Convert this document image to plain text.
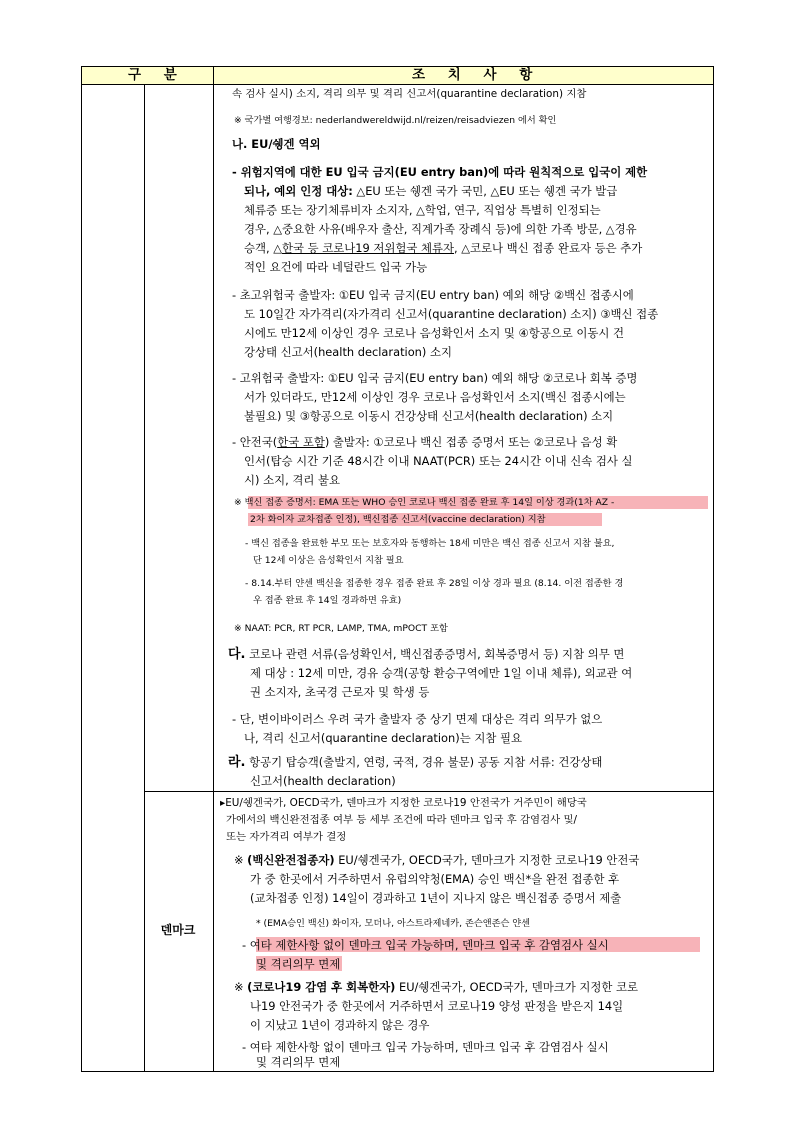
구 분	조 치 사 항
속 검사 실시) 소지, 격리 의무 및 격리 신고서(quarantine declaration) 지참
※ 국가별 여행경보: nederlandwereldwijd.nl/reizen/reisadviezen 에서 확인
나. EU/쉥겐 역외
- 위험지역에 대한 EU 입국 금지(EU entry ban)에 따라 원칙적으로 입국이 제한
되나, 예외 인정 대상: △EU 또는 쉥겐 국가 국민, △EU 또는 쉥겐 국가 발급
체류증 또는 장기체류비자 소지자, △학업, 연구, 직업상 특별히 인정되는
경우, △중요한 사유(배우자 출산, 직계가족 장례식 등)에 의한 가족 방문, △경유
승객, △한국 등 코로나19 저위험국 체류자, △코로나 백신 접종 완료자 등은 추가
적인 요건에 따라 네덜란드 입국 가능
- 초고위험국 출발자: ①EU 입국 금지(EU entry ban) 예외 해당 ②백신 접종시에
도 10일간 자가격리(자가격리 신고서(quarantine declaration) 소지) ③백신 접종
시에도 만12세 이상인 경우 코로나 음성확인서 소지 및 ④항공으로 이동시 건
강상태 신고서(health declaration) 소지
- 고위험국 출발자: ①EU 입국 금지(EU entry ban) 예외 해당 ②코로나 회복 증명
서가 있더라도, 만12세 이상인 경우 코로나 음성확인서 소지(백신 접종시에는
불필요) 및 ③항공으로 이동시 건강상태 신고서(health declaration) 소지
- 안전국(한국 포함) 출발자: ①코로나 백신 접종 증명서 또는 ②코로나 음성 확
인서(탑승 시간 기준 48시간 이내 NAAT(PCR) 또는 24시간 이내 신속 검사 실
시) 소지, 격리 불요
※ 백신 접종 증명서: EMA 또는 WHO 승인 코로나 백신 접종 완료 후 14일 이상 경과(1차 AZ -
2차 화이자 교차접종 인정), 백신접종 신고서(vaccine declaration) 지참
- 백신 접종을 완료한 부모 또는 보호자와 동행하는 18세 미만은 백신 접종 신고서 지참 불요,
단 12세 이상은 음성확인서 지참 필요
- 8.14.부터 얀센 백신을 접종한 경우 접종 완료 후 28일 이상 경과 필요 (8.14. 이전 접종한 경
우 접종 완료 후 14일 경과하면 유효)
※ NAAT: PCR, RT PCR, LAMP, TMA, mPOCT 포함
다. 코로나 관련 서류(음성확인서, 백신접종증명서, 회복증명서 등) 지참 의무 면
제 대상 : 12세 미만, 경유 승객(공항 환승구역에만 1일 이내 체류), 외교관 여
권 소지자, 초국경 근로자 및 학생 등
- 단, 변이바이러스 우려 국가 출발자 중 상기 면제 대상은 격리 의무가 없으
나, 격리 신고서(quarantine declaration)는 지참 필요
라. 항공기 탑승객(출발지, 연령, 국적, 경유 불문) 공동 지참 서류: 건강상태
신고서(health declaration)
덴마크
▸EU/쉥겐국가, OECD국가, 덴마크가 지정한 코로나19 안전국가 거주민이 해당국
가에서의 백신완전접종 여부 등 세부 조건에 따라 덴마크 입국 후 감염검사 및/
또는 자가격리 여부가 결정
※ (백신완전접종자) EU/쉥겐국가, OECD국가, 덴마크가 지정한 코로나19 안전국
가 중 한곳에서 거주하면서 유럽의약청(EMA) 승인 백신*을 완전 접종한 후
(교차접종 인정) 14일이 경과하고 1년이 지나지 않은 백신접종 증명서 제출
* (EMA승인 백신) 화이자, 모더나, 아스트라제네카, 존슨앤존슨 얀센
- 여타 제한사항 없이 덴마크 입국 가능하며, 덴마크 입국 후 감염검사 실시
및 격리의무 면제
※ (코로나19 감염 후 회복한자) EU/쉥겐국가, OECD국가, 덴마크가 지정한 코로
나19 안전국가 중 한곳에서 거주하면서 코로나19 양성 판정을 받은지 14일
이 지났고 1년이 경과하지 않은 경우
- 여타 제한사항 없이 덴마크 입국 가능하며, 덴마크 입국 후 감염검사 실시
및 격리의무 면제
